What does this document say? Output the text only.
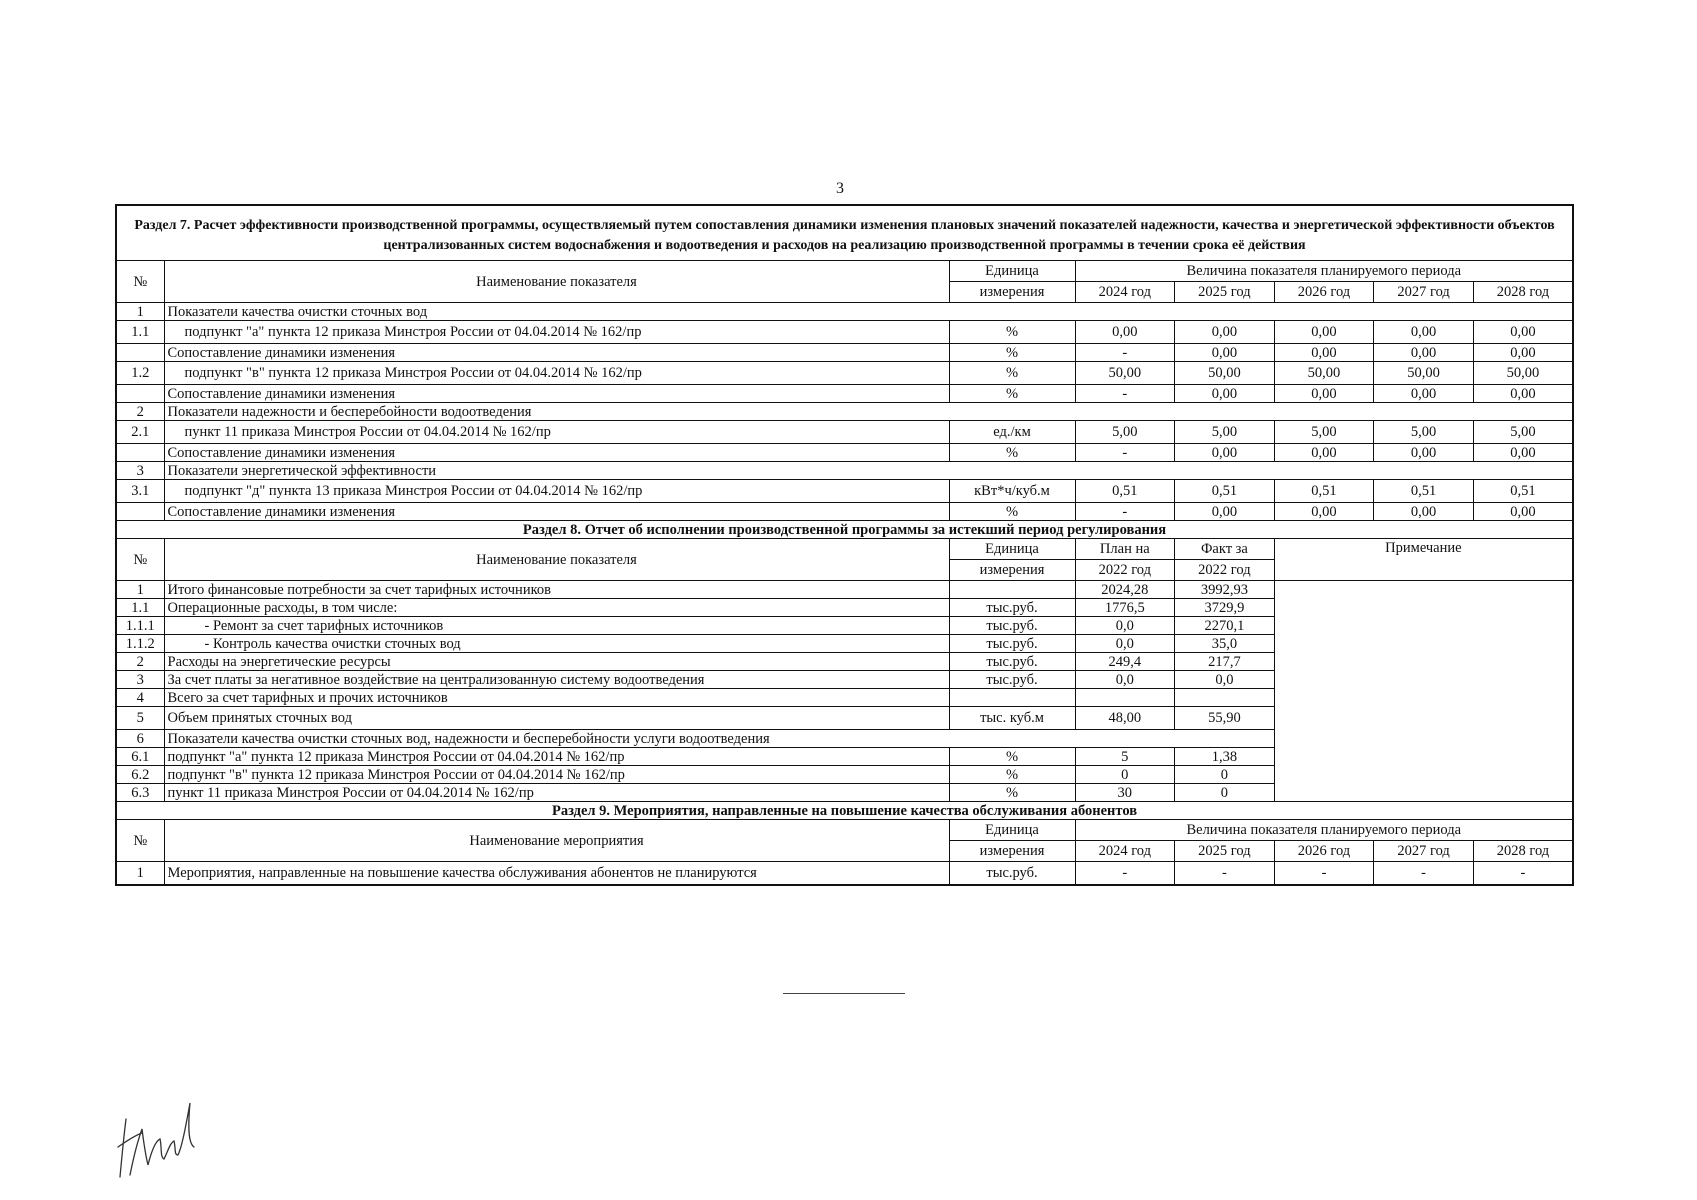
3
Раздел 7. Расчет эффективности производственной программы, осуществляемый путем сопоставления динамики изменения плановых значений показателей надежности, качества и энергетической эффективности объектов централизованных систем водоснабжения и водоотведения и расходов на реализацию производственной программы в течении срока её действия							
№	Наименование показателя	Единица	Величина показателя планируемого периода				
		измерения	2024 год	2025 год	2026 год	2027 год	2028 год
1	Показатели качества очистки сточных вод						
1.1	подпункт "а" пункта 12 приказа Минстроя России от 04.04.2014 № 162/пр	%	0,00	0,00	0,00	0,00	0,00
	Сопоставление динамики изменения	%	-	0,00	0,00	0,00	0,00
1.2	подпункт "в" пункта 12 приказа Минстроя России от 04.04.2014 № 162/пр	%	50,00	50,00	50,00	50,00	50,00
	Сопоставление динамики изменения	%	-	0,00	0,00	0,00	0,00
2	Показатели надежности и бесперебойности водоотведения						
2.1	пункт 11 приказа Минстроя России от 04.04.2014 № 162/пр	ед./км	5,00	5,00	5,00	5,00	5,00
	Сопоставление динамики изменения	%	-	0,00	0,00	0,00	0,00
3	Показатели энергетической эффективности						
3.1	подпункт "д" пункта 13 приказа Минстроя России от 04.04.2014 № 162/пр	кВт*ч/куб.м	0,51	0,51	0,51	0,51	0,51
	Сопоставление динамики изменения	%	-	0,00	0,00	0,00	0,00
Раздел 8. Отчет об исполнении производственной программы за истекший период регулирования							
№	Наименование показателя	Единица	План на	Факт за	Примечание		
		измерения	2022 год	2022 год			
1	Итого финансовые потребности за счет тарифных источников		2024,28	3992,93			
1.1	Операционные расходы, в том числе:	тыс.руб.	1776,5	3729,9			
1.1.1	- Ремонт за счет тарифных источников	тыс.руб.	0,0	2270,1			
1.1.2	- Контроль качества очистки сточных вод	тыс.руб.	0,0	35,0			
2	Расходы на энергетические ресурсы	тыс.руб.	249,4	217,7			
3	За счет платы за негативное воздействие на централизованную систему водоотведения	тыс.руб.	0,0	0,0			
4	Всего за счет тарифных и прочих источников						
5	Объем принятых сточных вод	тыс. куб.м	48,00	55,90			
6	Показатели качества очистки сточных вод, надежности и бесперебойности услуги водоотведения						
6.1	подпункт "а" пункта 12 приказа Минстроя России от 04.04.2014 № 162/пр	%	5	1,38			
6.2	подпункт "в" пункта 12 приказа Минстроя России от 04.04.2014 № 162/пр	%	0	0			
6.3	пункт 11 приказа Минстроя России от 04.04.2014 № 162/пр	%	30	0			
Раздел 9. Мероприятия, направленные на повышение качества обслуживания абонентов							
№	Наименование мероприятия	Единица	Величина показателя планируемого периода				
		измерения	2024 год	2025 год	2026 год	2027 год	2028 год
1	Мероприятия, направленные на повышение качества обслуживания абонентов не планируются	тыс.руб.	-	-	-	-	-
